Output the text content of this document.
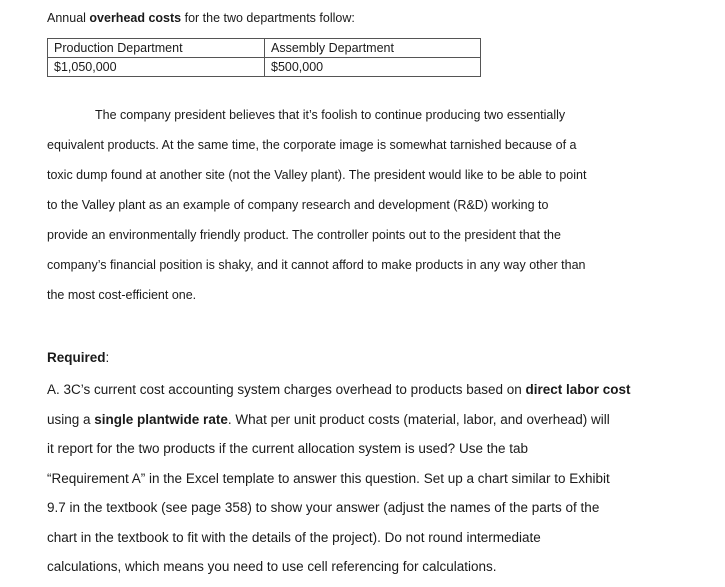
Annual overhead costs for the two departments follow:
Production Department	Assembly Department
$1,050,000	$500,000
The company president believes that it’s foolish to continue producing two essentially
equivalent products. At the same time, the corporate image is somewhat tarnished because of a
toxic dump found at another site (not the Valley plant). The president would like to be able to point
to the Valley plant as an example of company research and development (R&D) working to
provide an environmentally friendly product. The controller points out to the president that the
company’s financial position is shaky, and it cannot afford to make products in any way other than
the most cost-efficient one.
Required:
A. 3C’s current cost accounting system charges overhead to products based on direct labor cost
using a single plantwide rate. What per unit product costs (material, labor, and overhead) will
it report for the two products if the current allocation system is used? Use the tab
“Requirement A” in the Excel template to answer this question. Set up a chart similar to Exhibit
9.7 in the textbook (see page 358) to show your answer (adjust the names of the parts of the
chart in the textbook to fit with the details of the project). Do not round intermediate
calculations, which means you need to use cell referencing for calculations.
